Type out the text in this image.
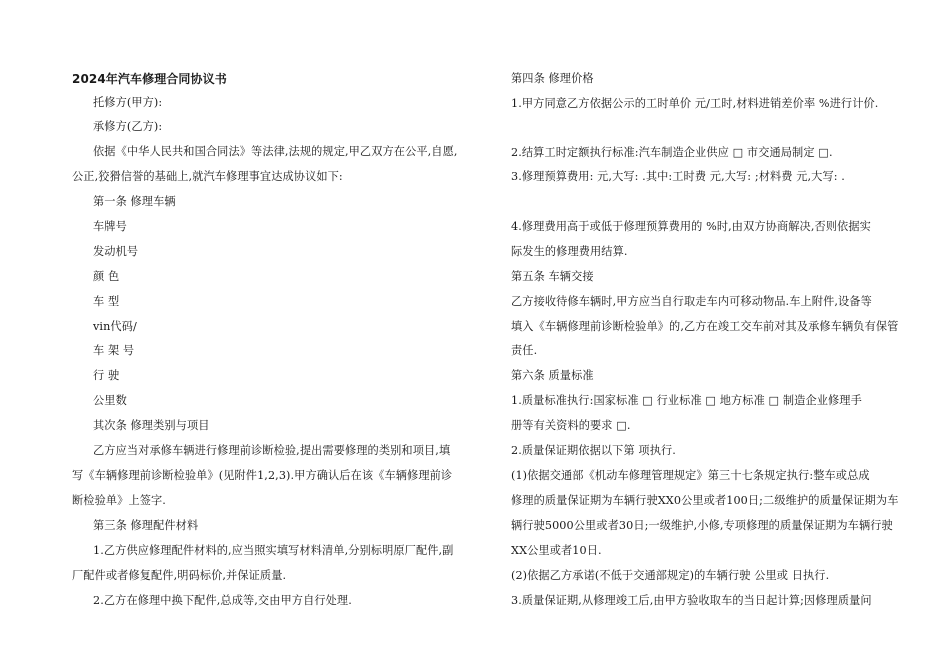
2024年汽车修理合同协议书
托修方(甲方):
承修方(乙方):
依据《中华人民共和国合同法》等法律,法规的规定,甲乙双方在公平,自愿,
公正,狡猾信誉的基础上,就汽车修理事宜达成协议如下:
第一条 修理车辆
车牌号
发动机号
颜 色
车 型
vin代码/
车 架 号
行 驶
公里数
其次条 修理类别与项目
乙方应当对承修车辆进行修理前诊断检验,提出需要修理的类别和项目,填
写《车辆修理前诊断检验单》(见附件1,2,3).甲方确认后在该《车辆修理前诊
断检验单》上签字.
第三条 修理配件材料
1.乙方供应修理配件材料的,应当照实填写材料清单,分别标明原厂配件,副
厂配件或者修复配件,明码标价,并保证质量.
2.乙方在修理中换下配件,总成等,交由甲方自行处理.
第四条 修理价格
1.甲方同意乙方依据公示的工时单价 元/工时,材料进销差价率 %进行计价.
2.结算工时定额执行标准:汽车制造企业供应 □ 市交通局制定 □.
3.修理预算费用: 元,大写: .其中:工时费 元,大写: ;材料费 元,大写: .
4.修理费用高于或低于修理预算费用的 %时,由双方协商解决,否则依据实
际发生的修理费用结算.
第五条 车辆交接
乙方接收待修车辆时,甲方应当自行取走车内可移动物品.车上附件,设备等
填入《车辆修理前诊断检验单》的,乙方在竣工交车前对其及承修车辆负有保管
责任.
第六条 质量标准
1.质量标准执行:国家标准 □ 行业标准 □ 地方标准 □ 制造企业修理手
册等有关资料的要求 □.
2.质量保证期依据以下第 项执行.
(1)依据交通部《机动车修理管理规定》第三十七条规定执行:整车或总成
修理的质量保证期为车辆行驶XX0公里或者100日;二级维护的质量保证期为车
辆行驶5000公里或者30日;一级维护,小修,专项修理的质量保证期为车辆行驶
XX公里或者10日.
(2)依据乙方承诺(不低于交通部规定)的车辆行驶 公里或 日执行.
3.质量保证期,从修理竣工后,由甲方验收取车的当日起计算;因修理质量问
